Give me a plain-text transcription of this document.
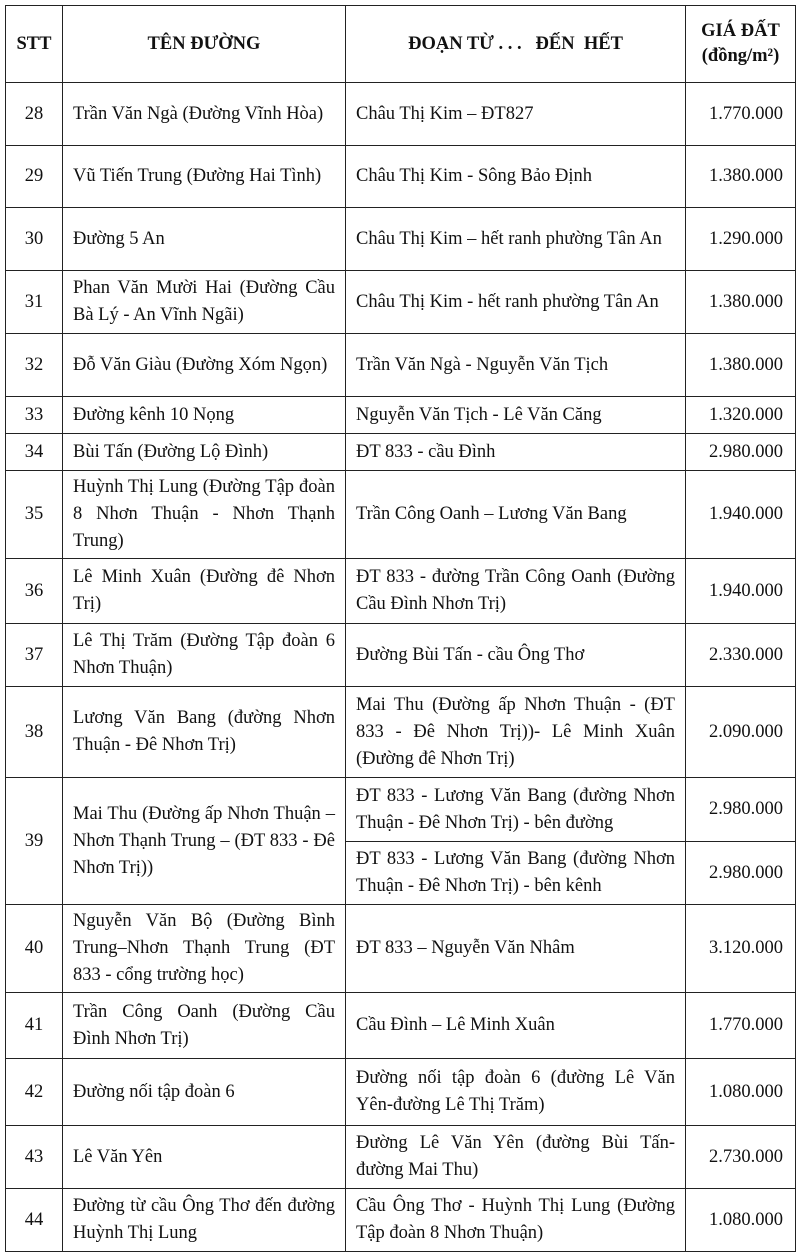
STT	TÊN ĐƯỜNG	ĐOẠN TỪ . . .   ĐẾN  HẾT	GIÁ ĐẤT
(đồng/m²)

28	Trần Văn Ngà (Đường Vĩnh Hòa)	Châu Thị Kim – ĐT827	1.770.000
29	Vũ Tiến Trung (Đường Hai Tình)	Châu Thị Kim - Sông Bảo Định	1.380.000
30	Đường 5 An	Châu Thị Kim – hết ranh phường Tân An	1.290.000
31	Phan Văn Mười Hai (Đường Cầu Bà Lý - An Vĩnh Ngãi)	Châu Thị Kim - hết ranh phường Tân An	1.380.000
32	Đỗ Văn Giàu (Đường Xóm Ngọn)	Trần Văn Ngà - Nguyễn Văn Tịch	1.380.000
33	Đường kênh 10 Nọng	Nguyễn Văn Tịch - Lê Văn Căng	1.320.000
34	Bùi Tấn (Đường Lộ Đình)	ĐT 833 - cầu Đình	2.980.000
35	Huỳnh Thị Lung (Đường Tập đoàn 8 Nhơn Thuận - Nhơn Thạnh Trung)	Trần Công Oanh – Lương Văn Bang	1.940.000
36	Lê Minh Xuân (Đường đê Nhơn Trị)	ĐT 833 - đường Trần Công Oanh (Đường Cầu Đình Nhơn Trị)	1.940.000
37	Lê Thị Trăm (Đường Tập đoàn 6 Nhơn Thuận)	Đường Bùi Tấn - cầu Ông Thơ	2.330.000
38	Lương Văn Bang (đường Nhơn Thuận - Đê Nhơn Trị)	Mai Thu (Đường ấp Nhơn Thuận - (ĐT 833 - Đê Nhơn Trị))- Lê Minh Xuân (Đường đê Nhơn Trị)	2.090.000
39	Mai Thu (Đường ấp Nhơn Thuận – Nhơn Thạnh Trung – (ĐT 833 - Đê Nhơn Trị))	ĐT 833 - Lương Văn Bang (đường Nhơn Thuận - Đê Nhơn Trị) - bên đường	2.980.000
		ĐT 833 - Lương Văn Bang (đường Nhơn Thuận - Đê Nhơn Trị) - bên kênh	2.980.000
40	Nguyễn Văn Bộ (Đường Bình Trung–Nhơn Thạnh Trung (ĐT 833 - cổng trường học)	ĐT 833 – Nguyễn Văn Nhâm	3.120.000
41	Trần Công Oanh (Đường Cầu Đình Nhơn Trị)	Cầu Đình – Lê Minh Xuân	1.770.000
42	Đường nối tập đoàn 6	Đường nối tập đoàn 6 (đường Lê Văn Yên-đường Lê Thị Trăm)	1.080.000
43	Lê Văn Yên	Đường Lê Văn Yên (đường Bùi Tấn-đường Mai Thu)	2.730.000
44	Đường từ cầu Ông Thơ đến đường Huỳnh Thị Lung	Cầu Ông Thơ - Huỳnh Thị Lung (Đường Tập đoàn 8 Nhơn Thuận)	1.080.000
